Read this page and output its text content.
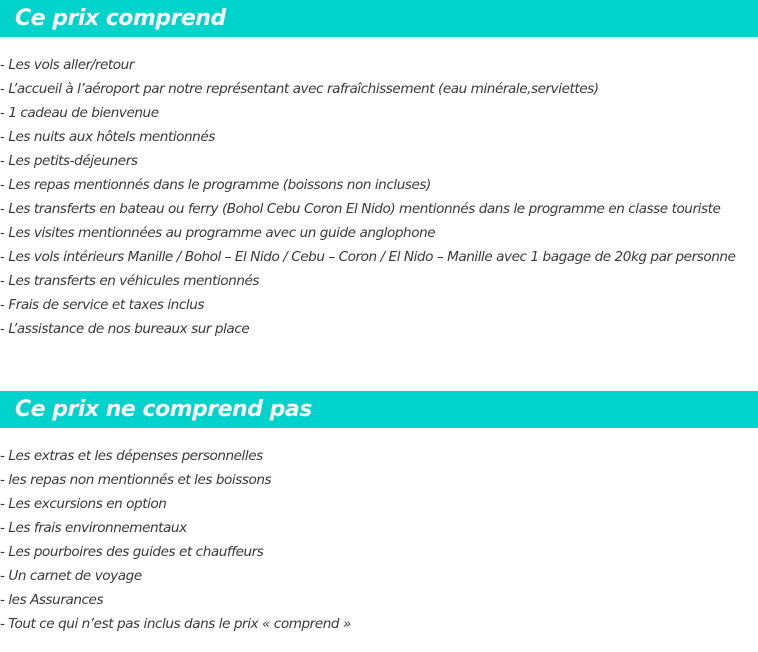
Ce prix comprend
- Les vols aller/retour
- L’accueil à l’aéroport par notre représentant avec rafraîchissement (eau minérale,serviettes)
- 1 cadeau de bienvenue
- Les nuits aux hôtels mentionnés
- Les petits-déjeuners
- Les repas mentionnés dans le programme (boissons non incluses)
- Les transferts en bateau ou ferry (Bohol Cebu Coron El Nido) mentionnés dans le programme en classe touriste
- Les visites mentionnées au programme avec un guide anglophone
- Les vols intérieurs Manille / Bohol – El Nido / Cebu – Coron / El Nido – Manille avec 1 bagage de 20kg par personne
- Les transferts en véhicules mentionnés
- Frais de service et taxes inclus
- L’assistance de nos bureaux sur place
Ce prix ne comprend pas
- Les extras et les dépenses personnelles
- les repas non mentionnés et les boissons
- Les excursions en option
- Les frais environnementaux
- Les pourboires des guides et chauffeurs
- Un carnet de voyage
- les Assurances
- Tout ce qui n’est pas inclus dans le prix « comprend »
